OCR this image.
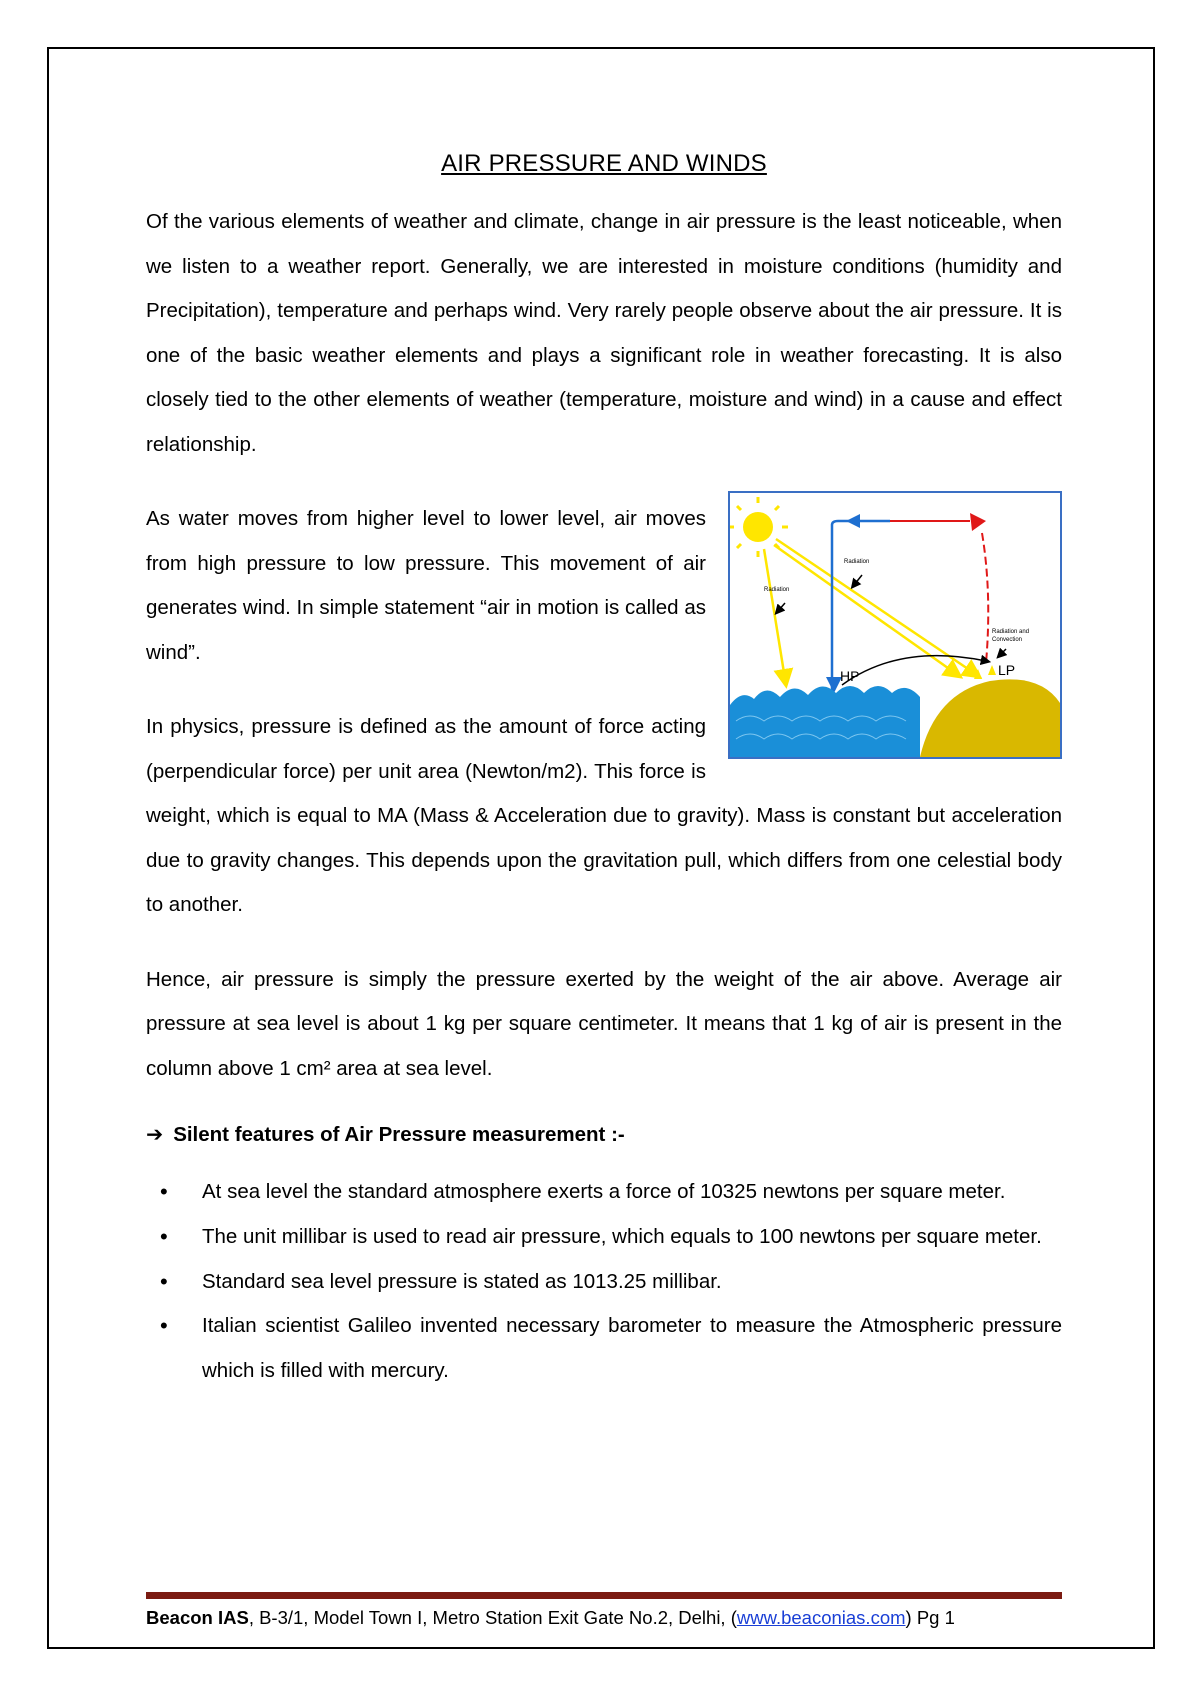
AIR PRESSURE AND WINDS

Of the various elements of weather and climate, change in air pressure is the least noticeable, when we listen to a weather report. Generally, we are interested in moisture conditions (humidity and Precipitation), temperature and perhaps wind. Very rarely people observe about the air pressure. It is one of the basic weather elements and plays a significant role in weather forecasting. It is also closely tied to the other elements of weather (temperature, moisture and wind) in a cause and effect relationship.

Radiation
Radiation
Radiation and
Convection
HP	LP

As water moves from higher level to lower level, air moves from high pressure to low pressure. This movement of air generates wind. In simple statement “air in motion is called as wind”.

In physics, pressure is defined as the amount of force acting (perpendicular force) per unit area (Newton/m2). This force is weight, which is equal to MA (Mass & Acceleration due to gravity). Mass is constant but acceleration due to gravity changes. This depends upon the gravitation pull, which differs from one celestial body to another.

Hence, air pressure is simply the pressure exerted by the weight of the air above. Average air pressure at sea level is about 1 kg per square centimeter. It means that 1 kg of air is present in the column above 1 cm² area at sea level.

➔ Silent features of Air Pressure measurement :-
• At sea level the standard atmosphere exerts a force of 10325 newtons per square meter.
• The unit millibar is used to read air pressure, which equals to 100 newtons per square meter.
• Standard sea level pressure is stated as 1013.25 millibar.
• Italian scientist Galileo invented necessary barometer to measure the Atmospheric pressure which is filled with mercury.
Beacon IAS, B-3/1, Model Town I, Metro Station Exit Gate No.2, Delhi, (www.beaconias.com) Pg 1
